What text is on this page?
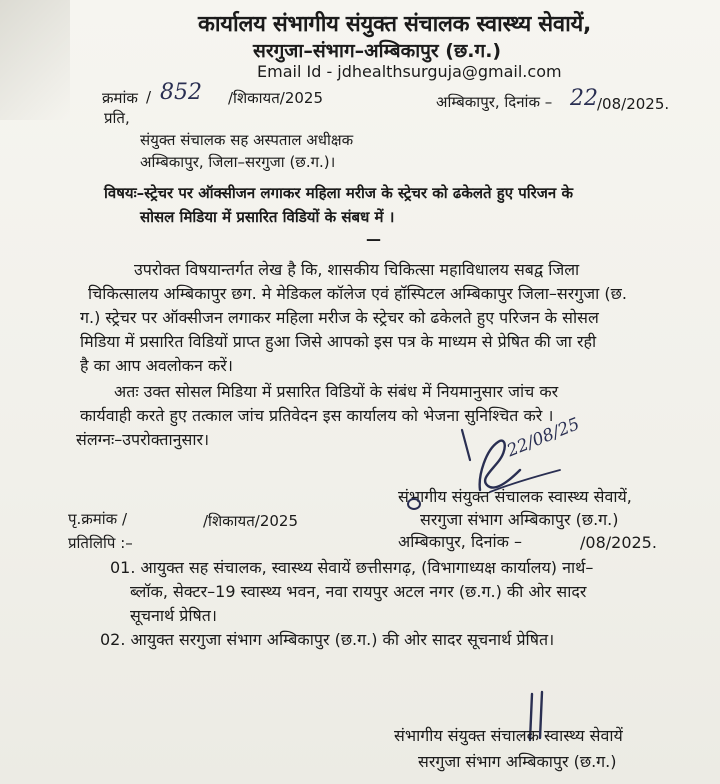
कार्यालय संभागीय संयुक्त संचालक स्वास्थ्य सेवायें,
सरगुजा–संभाग–अम्बिकापुर (छ.ग.)
Email Id - jdhealthsurguja@gmail.com
क्रमांक / 852 /शिकायत/2025	अम्बिकापुर, दिनांक – 22 /08/2025.
प्रति,
संयुक्त संचालक सह अस्पताल अधीक्षक
अम्बिकापुर, जिला–सरगुजा (छ.ग.)।
विषयः–स्ट्रेचर पर ऑक्सीजन लगाकर महिला मरीज के स्ट्रेचर को ढकेलते हुए परिजन के
सोसल मिडिया में प्रसारित विडियों के संबध में ।
—
उपरोक्त विषयान्तर्गत लेख है कि, शासकीय चिकित्सा महाविधालय सबद्व जिला
चिकित्सालय अम्बिकापुर छग. मे मेडिकल कॉलेज एवं हॉस्पिटल अम्बिकापुर जिला–सरगुजा (छ.
ग.) स्ट्रेचर पर ऑक्सीजन लगाकर महिला मरीज के स्ट्रेचर को ढकेलते हुए परिजन के सोसल
मिडिया में प्रसारित विडियों प्राप्त हुआ जिसे आपको इस पत्र के माध्यम से प्रेषित की जा रही
है का आप अवलोकन करें।
अतः उक्त सोसल मिडिया में प्रसारित विडियों के संबंध में नियमानुसार जांच कर
कार्यवाही करते हुए तत्काल जांच प्रतिवेदन इस कार्यालय को भेजना सुनिश्चित करे ।
संलग्नः–उपरोक्तानुसार।	22/08/25
संभागीय संयुक्त संचालक स्वास्थ्य सेवायें,
सरगुजा संभाग अम्बिकापुर (छ.ग.)
पृ.क्रमांक /	/शिकायत/2025
प्रतिलिपि :–	अम्बिकापुर, दिनांक –	/08/2025.
01. आयुक्त सह संचालक, स्वास्थ्य सेवायें छत्तीसगढ़, (विभागाध्यक्ष कार्यालय) नार्थ–
ब्लॉक, सेक्टर–19 स्वास्थ्य भवन, नवा रायपुर अटल नगर (छ.ग.) की ओर सादर
सूचनार्थ प्रेषित।
02. आयुक्त सरगुजा संभाग अम्बिकापुर (छ.ग.) की ओर सादर सूचनार्थ प्रेषित।
संभागीय संयुक्त संचालक स्वास्थ्य सेवायें
सरगुजा संभाग अम्बिकापुर (छ.ग.)
